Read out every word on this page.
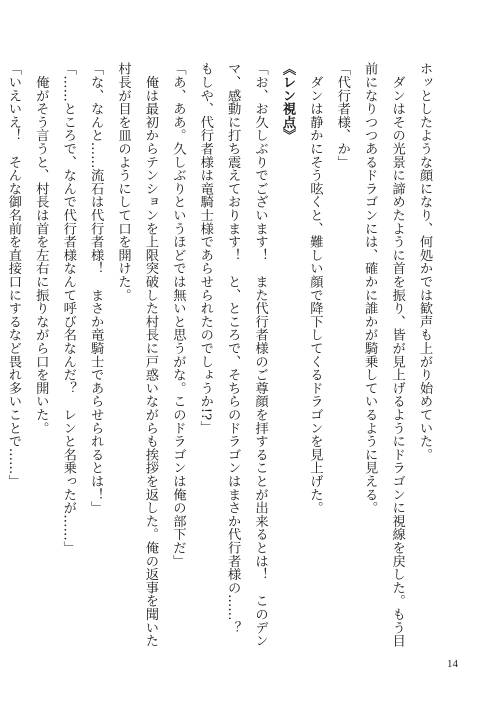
ホッとしたような顔になり、何処かでは歓声も上がり始めていた。
　ダンはその光景に諦めたように首を振り、皆が見上げるようにドラゴンに視線を戻した。もう目
前になりつつあるドラゴンには、確かに誰かが騎乗しているように見える。
「代行者様、か」
　ダンは静かにそう呟くと、難しい顔で降下してくるドラゴンを見上げた。
《レン視点》
「お、お久しぶりでございます！　また代行者様のご尊顔を拝することが出来るとは！　このデン
マ、感動に打ち震えております！　と、ところで、そちらのドラゴンはまさか代行者様の……？
もしや、代行者様は竜騎士様であらせられたのでしょうか!?」
「あ、ああ。久しぶりというほどでは無いと思うがな。このドラゴンは俺の部下だ」
　俺は最初からテンションを上限突破した村長に戸惑いながらも挨拶を返した。俺の返事を聞いた
村長が目を皿のようにして口を開けた。
「な、なんと……流石は代行者様！　まさか竜騎士であらせられるとは！」
「……ところで、なんで代行者様なんて呼び名なんだ？　レンと名乗ったが……」
　俺がそう言うと、村長は首を左右に振りながら口を開いた。
「いえいえ！　そんな御名前を直接口にするなど畏れ多いことで……」
14
